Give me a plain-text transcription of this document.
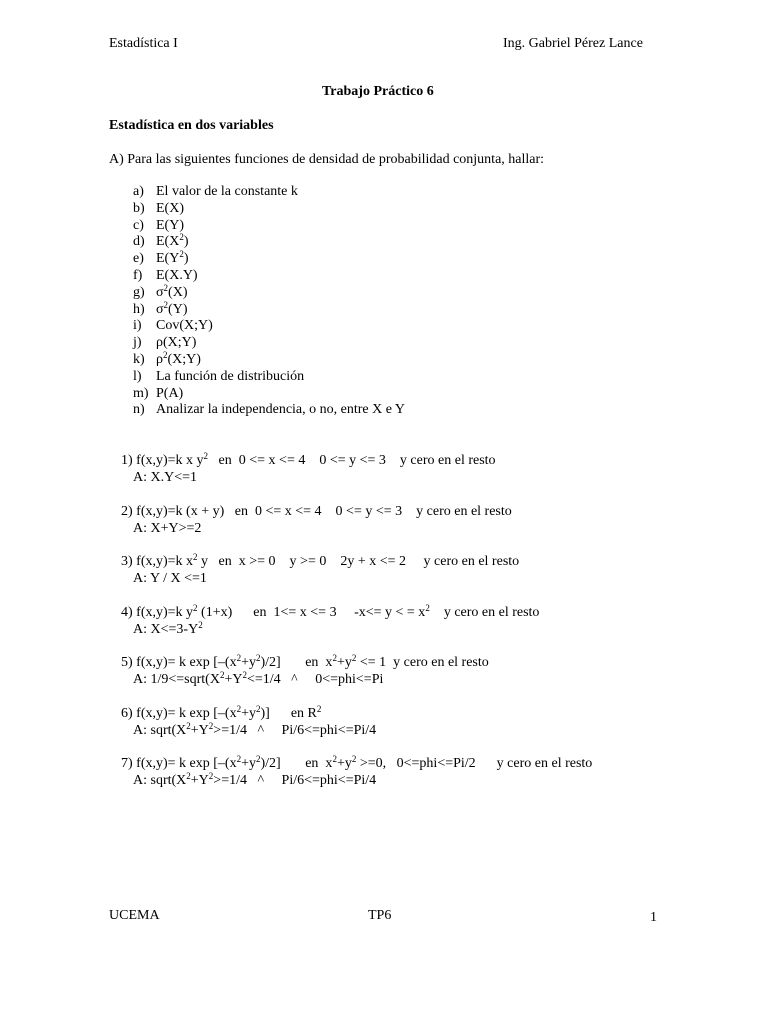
Estadística I	Ing. Gabriel Pérez Lance
Trabajo Práctico 6
Estadística en dos variables
A) Para las siguientes funciones de densidad de probabilidad conjunta, hallar:
a) El valor de la constante k
b) E(X)
c) E(Y)
d) $E(X^2)$
e) $E(Y^2)$
f) E(X.Y)
g) $\sigma^2(X)$
h) $\sigma^2(Y)$
i) Cov(X;Y)
j) ρ(X;Y)
k) $\rho^2(X;Y)$
l) La función de distribución
m) P(A)
n) Analizar la independencia, o no, entre X e Y
1) f(x,y)=k x $y^2$   en  0 <= x <= 4    0 <= y <= 3    y cero en el resto
A: X.Y<=1
2) f(x,y)=k (x + y)   en  0 <= x <= 4    0 <= y <= 3    y cero en el resto
A: X+Y>=2
3) f(x,y)=k $x^2$ y   en  x >= 0    y >= 0    2y + x <= 2     y cero en el resto
A: Y / X <=1
4) f(x,y)=k $y^2$ (1+x)      en  1<= x <= 3     -x<= y < = $x^2$    y cero en el resto
A: $X<=3-Y^2$
5) f(x,y)= k $\exp [-(x^2+y^2)/2]$       en  $x^2+y^2 <= 1$  y cero en el resto
A: $1/9<=sqrt(X^2+Y^2<=1/4$   ^     0<=phi<=Pi
6) f(x,y)= k $\exp [-(x^2+y^2)]$      en $R^2$
A: $sqrt(X^2+Y^2>=1/4$   ^     Pi/6<=phi<=Pi/4
7) f(x,y)= k $\exp [-(x^2+y^2)/2]$       en  $x^2+y^2 >=0$,   0<=phi<=Pi/2      y cero en el resto
A: $sqrt(X^2+Y^2>=1/4$   ^     Pi/6<=phi<=Pi/4
UCEMA	TP6	1
